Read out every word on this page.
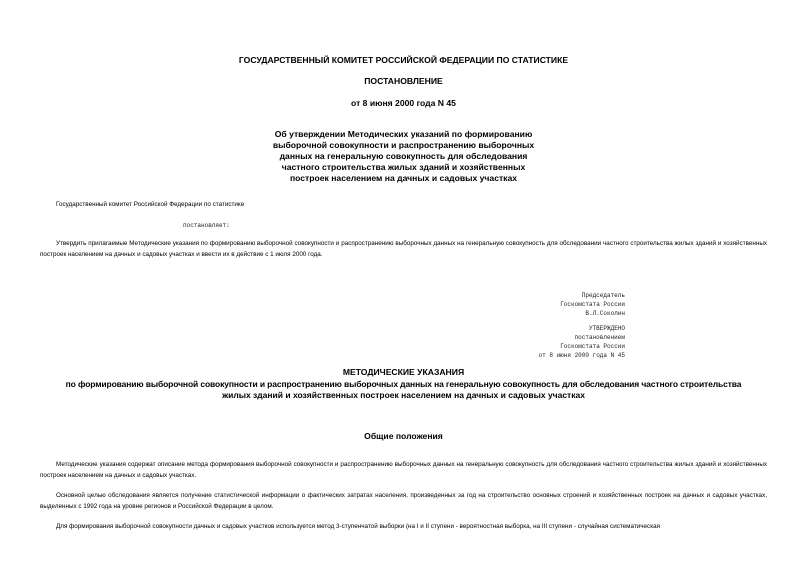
ГОСУДАРСТВЕННЫЙ КОМИТЕТ РОССИЙСКОЙ ФЕДЕРАЦИИ ПО СТАТИСТИКЕ

ПОСТАНОВЛЕНИЕ

от 8 июня 2000 года N 45

Об утверждении Методических указаний по формированию

выборочной совокупности и распространению выборочных

данных на генеральную совокупность для обследования

частного строительства жилых зданий и хозяйственных

построек населением на дачных и садовых участках

Государственный комитет Российской Федерации по статистике

постановляет:

Утвердить прилагаемые Методические указания по формированию выборочной совокупности и распространению выборочных данных на генеральную совокупность для обследовании частного строительства жилых зданий и хозяйственных построек населением на дачных и садовых участках и ввести их в действие с 1 июля 2000 года.

Председатель

Госкомстата России

В.Л.Соколин

УТВЕРЖДЕНО

постановлением

Госкомстата России

от 8 июня 2000 года N 45

МЕТОДИЧЕСКИЕ УКАЗАНИЯ

по формированию выборочной совокупности и распространению выборочных данных на генеральную совокупность для обследования частного строительства

жилых зданий и хозяйственных построек населением на дачных и садовых участках

Общие положения

Методические указания содержат описание метода формирования выборочной совокупности и распространению выборочных данных на генеральную совокупность для обследования частного строительства жилых зданий и хозяйственных построек населением на дачных и садовых участках.

Основной целью обследования является получение статистической информации о фактических затратах населения, произведенных за год на строительство основных строений и хозяйственных построек на дачных и садовых участках, выделенных с 1992 года на уровне регионов и Российской Федерации в целом.

Для формирования выборочной совокупности дачных и садовых участков используется метод 3-ступенчатой выборки (на I и II ступени - вероятностная выборка, на III ступени - случайная систематическая
